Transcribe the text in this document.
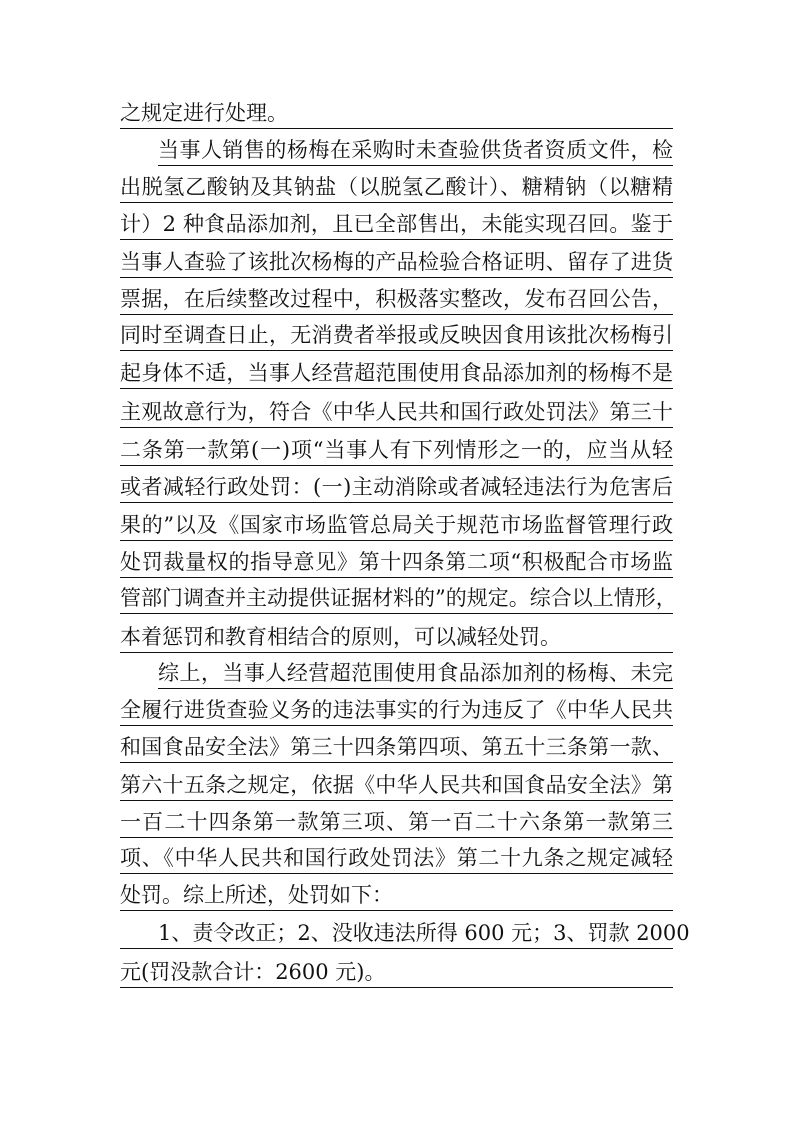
之规定进行处理。
当事人销售的杨梅在采购时未查验供货者资质文件，检
出脱氢乙酸钠及其钠盐（以脱氢乙酸计）、糖精钠（以糖精
计）2 种食品添加剂，且已全部售出，未能实现召回。鉴于
当事人查验了该批次杨梅的产品检验合格证明、留存了进货
票据，在后续整改过程中，积极落实整改，发布召回公告，
同时至调查日止，无消费者举报或反映因食用该批次杨梅引
起身体不适，当事人经营超范围使用食品添加剂的杨梅不是
主观故意行为，符合《中华人民共和国行政处罚法》第三十
二条第一款第(一)项“当事人有下列情形之一的，应当从轻
或者减轻行政处罚：(一)主动消除或者减轻违法行为危害后
果的”以及《国家市场监管总局关于规范市场监督管理行政
处罚裁量权的指导意见》第十四条第二项“积极配合市场监
管部门调查并主动提供证据材料的”的规定。综合以上情形，
本着惩罚和教育相结合的原则，可以减轻处罚。
综上，当事人经营超范围使用食品添加剂的杨梅、未完
全履行进货查验义务的违法事实的行为违反了《中华人民共
和国食品安全法》第三十四条第四项、第五十三条第一款、
第六十五条之规定，依据《中华人民共和国食品安全法》第
一百二十四条第一款第三项、第一百二十六条第一款第三
项、《中华人民共和国行政处罚法》第二十九条之规定减轻
处罚。综上所述，处罚如下：
1、责令改正；2、没收违法所得 600 元；3、罚款 2000
元(罚没款合计：2600 元)。
